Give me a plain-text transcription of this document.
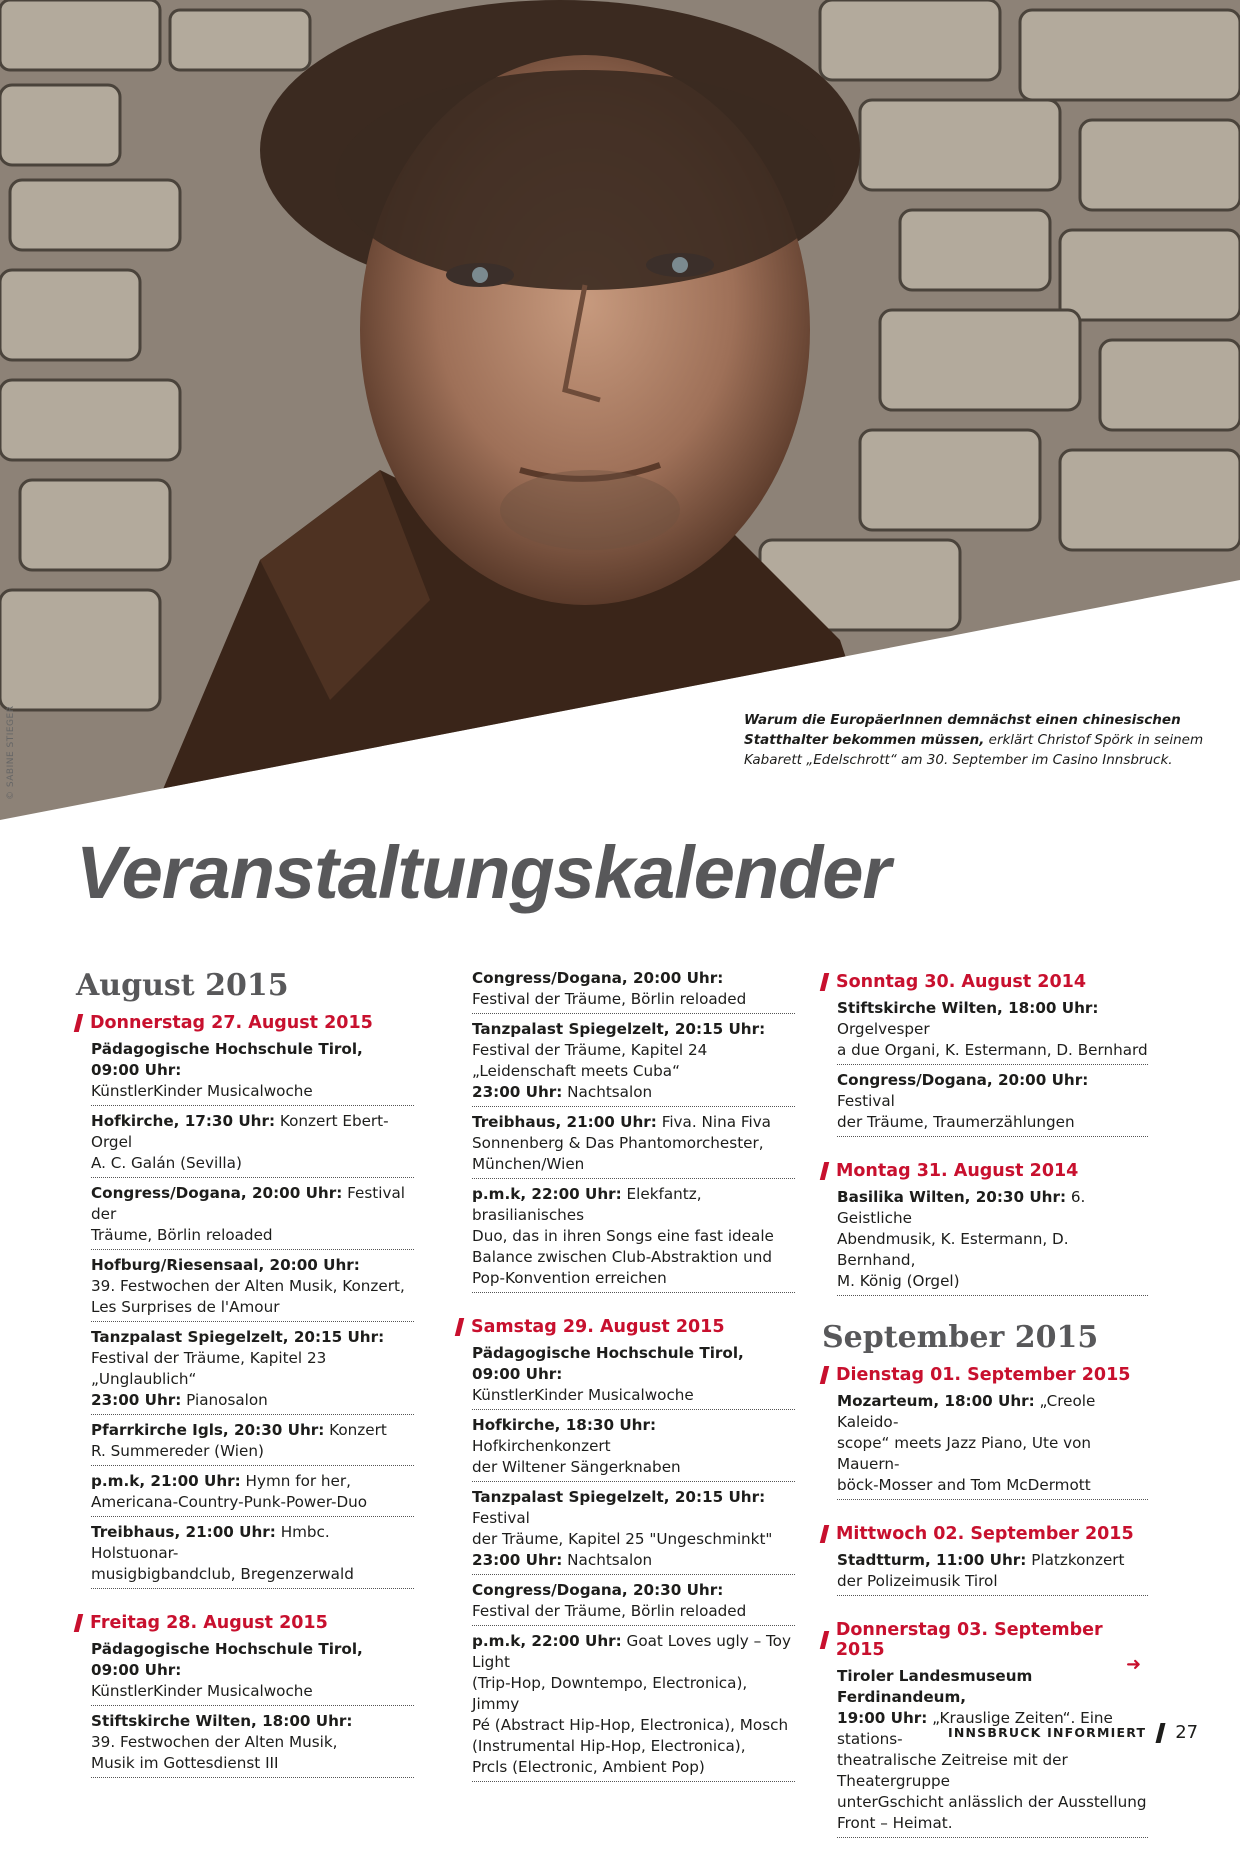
© SABINE STIEGER	Warum die EuropäerInnen demnächst einen chinesischen Statthalter bekommen müssen, erklärt Christof Spörk in seinem Kabarett „Edelschrott“ am 30. September im Casino Innsbruck.
Veranstaltungskalender
August 2015
Donnerstag 27. August 2015
Pädagogische Hochschule Tirol, 09:00 Uhr:
KünstlerKinder Musicalwoche
Hofkirche, 17:30 Uhr: Konzert Ebert-Orgel
A. C. Galán (Sevilla)
Congress/Dogana, 20:00 Uhr: Festival der
Träume, Börlin reloaded
Hofburg/Riesensaal, 20:00 Uhr:
39. Festwochen der Alten Musik, Konzert,
Les Surprises de l'Amour
Tanzpalast Spiegelzelt, 20:15 Uhr:
Festival der Träume, Kapitel 23 „Unglaublich“
23:00 Uhr: Pianosalon
Pfarrkirche Igls, 20:30 Uhr: Konzert
R. Summereder (Wien)
p.m.k, 21:00 Uhr: Hymn for her,
Americana-Country-Punk-Power-Duo
Treibhaus, 21:00 Uhr: Hmbc. Holstuonar-
musigbigbandclub, Bregenzerwald
Freitag 28. August 2015
Pädagogische Hochschule Tirol, 09:00 Uhr:
KünstlerKinder Musicalwoche
Stiftskirche Wilten, 18:00 Uhr:
39. Festwochen der Alten Musik,
Musik im Gottesdienst III
Congress/Dogana, 20:00 Uhr:
Festival der Träume, Börlin reloaded
Tanzpalast Spiegelzelt, 20:15 Uhr:
Festival der Träume, Kapitel 24
„Leidenschaft meets Cuba“
23:00 Uhr: Nachtsalon
Treibhaus, 21:00 Uhr: Fiva. Nina Fiva
Sonnenberg & Das Phantomorchester,
München/Wien
p.m.k, 22:00 Uhr: Elekfantz, brasilianisches
Duo, das in ihren Songs eine fast ideale
Balance zwischen Club-Abstraktion und
Pop-Konvention erreichen
Samstag 29. August 2015
Pädagogische Hochschule Tirol, 09:00 Uhr:
KünstlerKinder Musicalwoche
Hofkirche, 18:30 Uhr: Hofkirchenkonzert
der Wiltener Sängerknaben
Tanzpalast Spiegelzelt, 20:15 Uhr: Festival
der Träume, Kapitel 25 "Ungeschminkt"
23:00 Uhr: Nachtsalon
Congress/Dogana, 20:30 Uhr:
Festival der Träume, Börlin reloaded
p.m.k, 22:00 Uhr: Goat Loves ugly – Toy Light
(Trip-Hop, Downtempo, Electronica), Jimmy
Pé (Abstract Hip-Hop, Electronica), Mosch
(Instrumental Hip-Hop, Electronica),
Prcls (Electronic, Ambient Pop)
Sonntag 30. August 2014
Stiftskirche Wilten, 18:00 Uhr: Orgelvesper
a due Organi, K. Estermann, D. Bernhard
Congress/Dogana, 20:00 Uhr: Festival
der Träume, Traumerzählungen
Montag 31. August 2014
Basilika Wilten, 20:30 Uhr: 6. Geistliche
Abendmusik, K. Estermann, D. Bernhand,
M. König (Orgel)
September 2015
Dienstag 01. September 2015
Mozarteum, 18:00 Uhr: „Creole Kaleido-
scope“ meets Jazz Piano, Ute von Mauern-
böck-Mosser and Tom McDermott
Mittwoch 02. September 2015
Stadtturm, 11:00 Uhr: Platzkonzert
der Polizeimusik Tirol
Donnerstag 03. September 2015
Tiroler Landesmuseum Ferdinandeum,
19:00 Uhr: „Krauslige Zeiten“. Eine stations-
theatralische Zeitreise mit der Theatergruppe
unterGschicht anlässlich der Ausstellung
Front – Heimat.
➜
INNSBRUCK INFORMIERT 27
